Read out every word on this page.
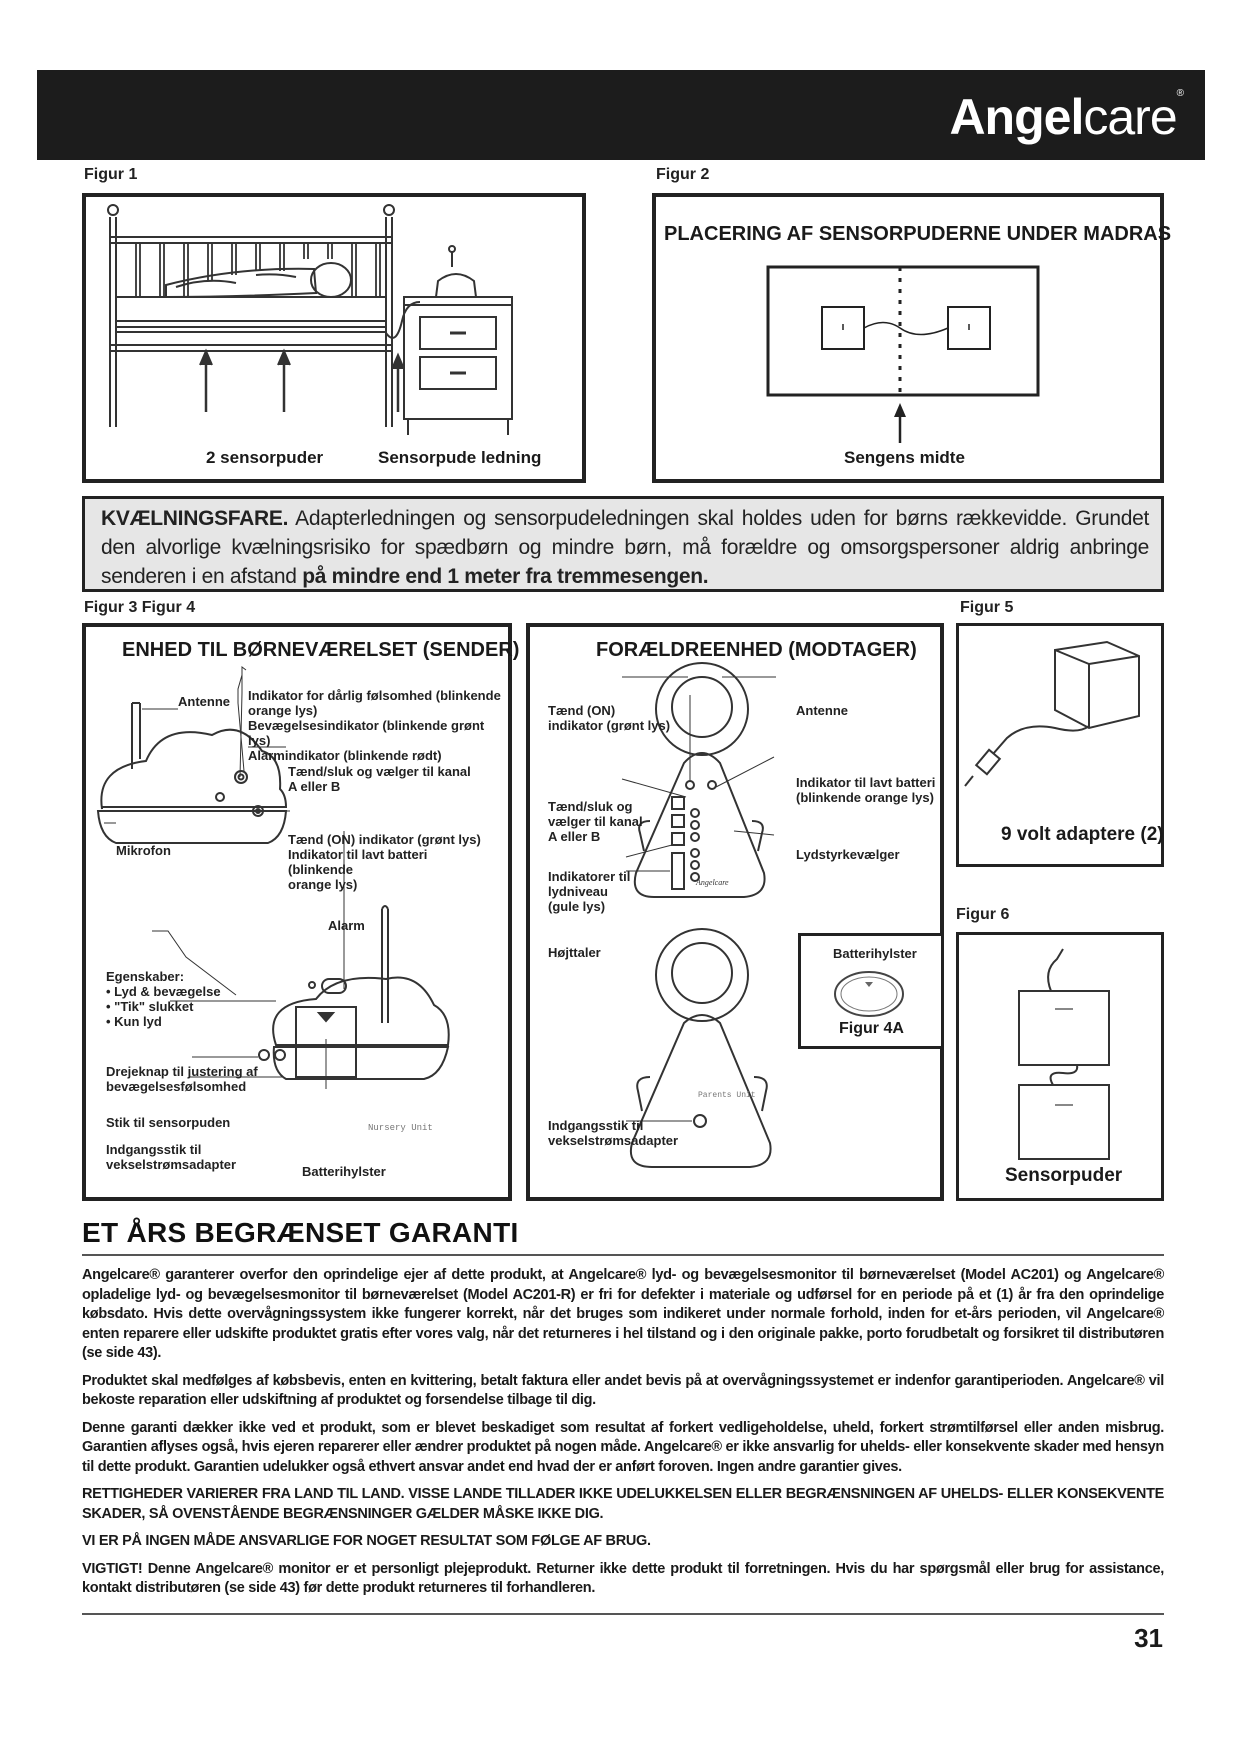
Angelcare®
Figur 1
2 sensorpuder	Sensorpude ledning
Figur 2
PLACERING AF SENSORPUDERNE UNDER MADRAS
Sengens midte
KVÆLNINGSFARE. Adapterledningen og sensorpudeledningen skal holdes uden for børns rækkevidde. Grundet den alvorlige kvælningsrisiko for spædbørn og mindre børn, må forældre og omsorgspersoner aldrig anbringe senderen i en afstand på mindre end 1 meter fra tremmesengen.
Figur 3 Figur 4	Figur 5
ENHED TIL BØRNEVÆRELSET (SENDER)
Antenne Indikator for dårlig følsomhed (blinkende orange lys)
Bevægelsesindikator (blinkende grønt lys)
Alarmindikator (blinkende rødt)
Tænd/sluk og vælger til kanal
A eller B
Tænd (ON) indikator (grønt lys)
Indikator til lavt batteri (blinkende
orange lys)
Mikrofon
Alarm
Egenskaber:
• Lyd & bevægelse
• "Tik" slukket
• Kun lyd
Drejeknap til justering af
bevægelsesfølsomhed
Stik til sensorpuden
Indgangsstik til
vekselstrømsadapter	Batterihylster
Nursery Unit
FORÆLDREENHED (MODTAGER)
Angelcare
Parents Unit
Tænd (ON)
indikator (grønt lys)
Antenne
Tænd/sluk og
vælger til kanal
A eller B
Indikator til lavt batteri
(blinkende orange lys)
Lydstyrkevælger
Indikatorer til
lydniveau
(gule lys)
Højttaler
Indgangsstik til
vekselstrømsadapter
Batterihylster
Figur 4A
9 volt adaptere (2)
Figur 6
Sensorpuder
ET ÅRS BEGRÆNSET GARANTI

Angelcare® garanterer overfor den oprindelige ejer af dette produkt, at Angelcare® lyd- og bevægelsesmonitor til børneværelset (Model AC201) og Angelcare® opladelige lyd- og bevægelsesmonitor til børneværelset (Model AC201-R) er fri for defekter i materiale og udførsel for en periode på et (1) år fra den oprindelige købsdato. Hvis dette overvågningssystem ikke fungerer korrekt, når det bruges som indikeret under normale forhold, inden for et-års perioden, vil Angelcare® enten reparere eller udskifte produktet gratis efter vores valg, når det returneres i hel tilstand og i den originale pakke, porto forudbetalt og forsikret til distributøren (se side 43).

Produktet skal medfølges af købsbevis, enten en kvittering, betalt faktura eller andet bevis på at overvågningssystemet er indenfor garantiperioden. Angelcare® vil bekoste reparation eller udskiftning af produktet og forsendelse tilbage til dig.

Denne garanti dækker ikke ved et produkt, som er blevet beskadiget som resultat af forkert vedligeholdelse, uheld, forkert strømtilførsel eller anden misbrug. Garantien aflyses også, hvis ejeren reparerer eller ændrer produktet på nogen måde. Angelcare® er ikke ansvarlig for uhelds- eller konsekvente skader med hensyn til dette produkt. Garantien udelukker også ethvert ansvar andet end hvad der er anført foroven. Ingen andre garantier gives.

RETTIGHEDER VARIERER FRA LAND TIL LAND. VISSE LANDE TILLADER IKKE UDELUKKELSEN ELLER BEGRÆNSNINGEN AF UHELDS- ELLER KONSEKVENTE SKADER, SÅ OVENSTÅENDE BEGRÆNSNINGER GÆLDER MÅSKE IKKE DIG.

VI ER PÅ INGEN MÅDE ANSVARLIGE FOR NOGET RESULTAT SOM FØLGE AF BRUG.

VIGTIGT! Denne Angelcare® monitor er et personligt plejeprodukt. Returner ikke dette produkt til forretningen. Hvis du har spørgsmål eller brug for assistance, kontakt distributøren (se side 43) før dette produkt returneres til forhandleren.

31
